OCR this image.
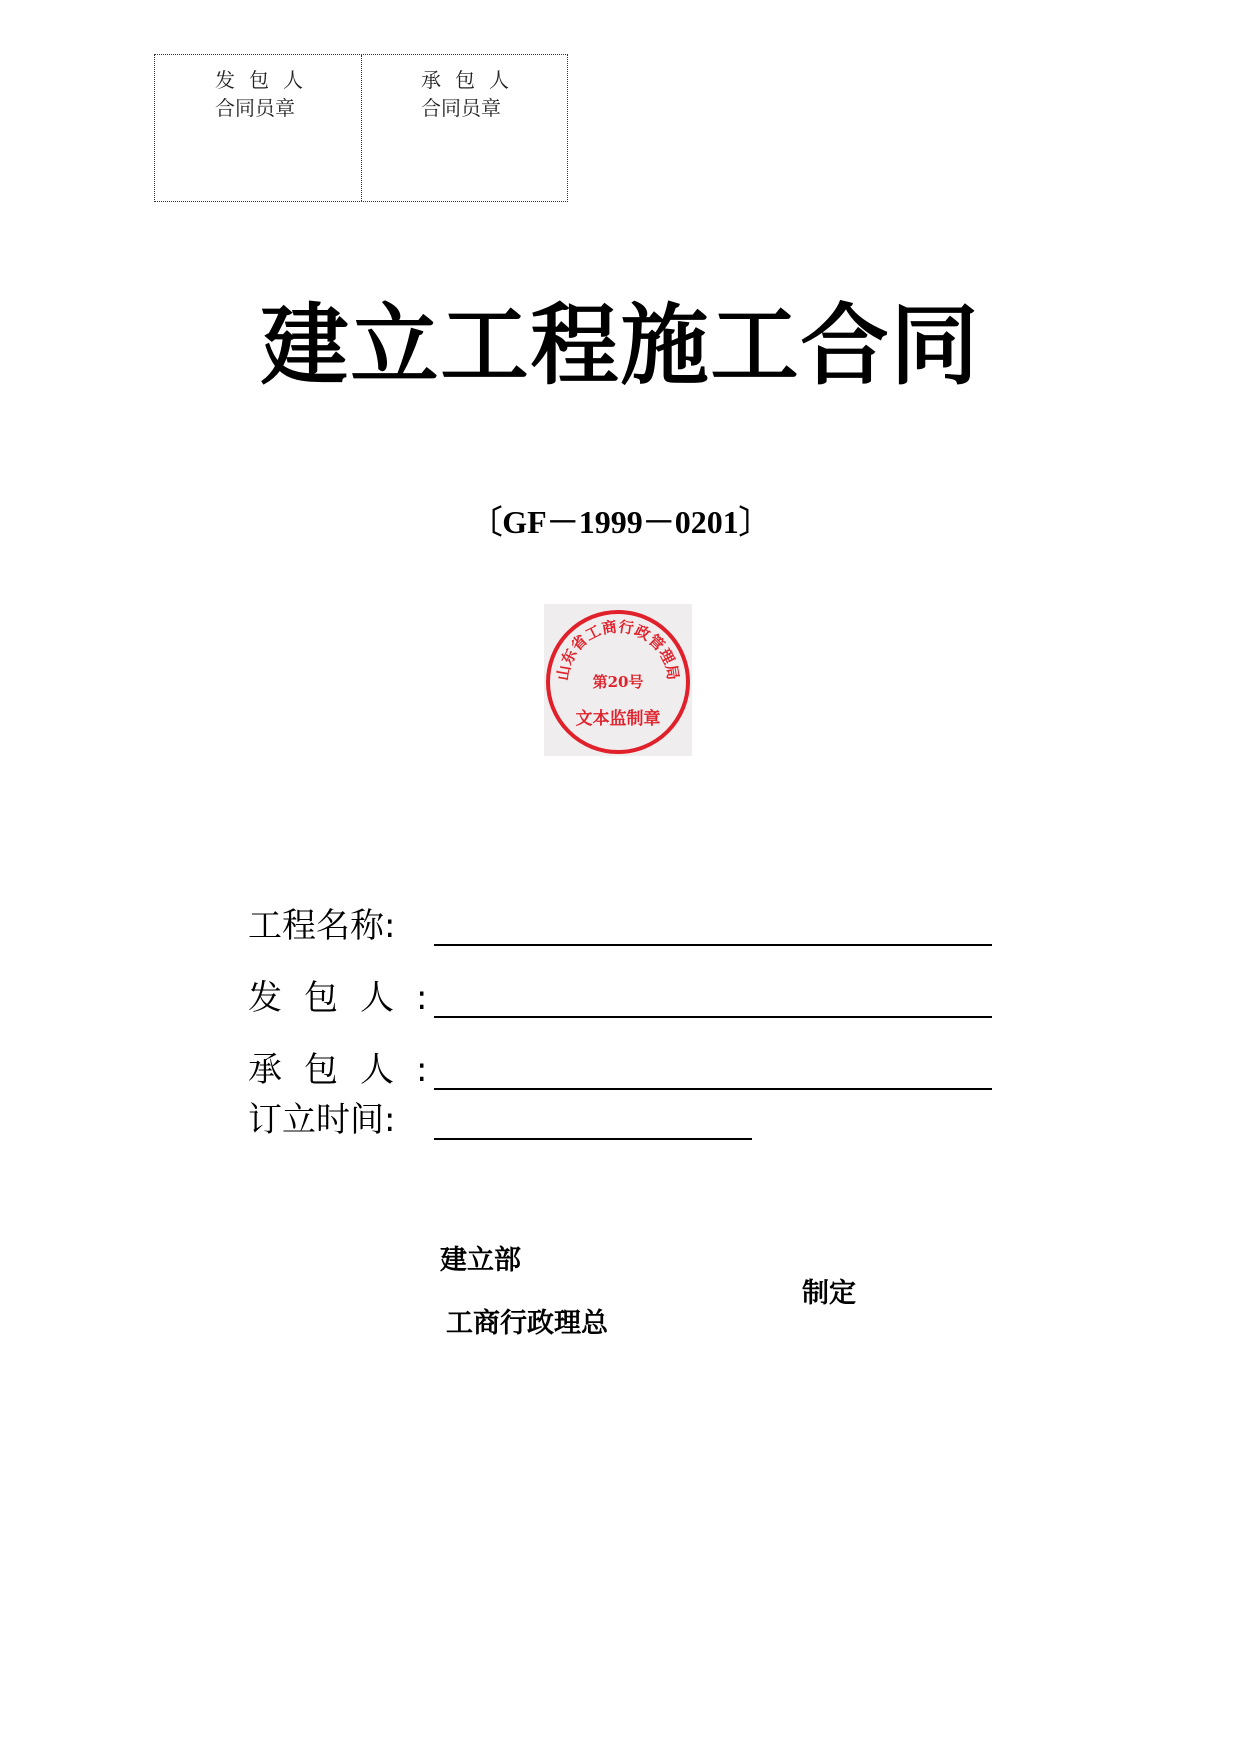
发包人
合同员章
承包人
合同员章
建立工程施工合同
〔GF－1999－0201〕
山东省工商行政管理局
第20号
文本监制章
工程名称:
发包人:
承包人:
订立时间:
建立部
工商行政理总
制定
